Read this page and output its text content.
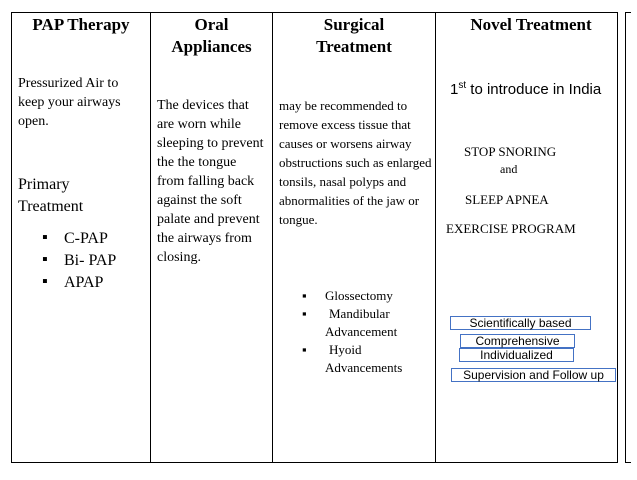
PAP Therapy	Oral
Appliances
Surgical
Treatment
Novel Treatment
Pressurized Air to keep your airways open.
Primary
Treatment
▪ C-PAP
▪ Bi- PAP
▪ APAP
The devices that are worn while sleeping to prevent the the tongue from falling back against the soft palate and prevent the airways from closing.
may be recommended to remove excess tissue that causes or worsens airway obstructions such as enlarged tonsils, nasal polyps and abnormalities of the jaw or tongue.
▪ Glossectomy
▪ Mandibular
Advancement
▪ Hyoid
Advancements
1st to introduce in India
STOP SNORING
and
SLEEP APNEA
EXERCISE PROGRAM
Scientifically based
Comprehensive
Individualized
Supervision and Follow up
